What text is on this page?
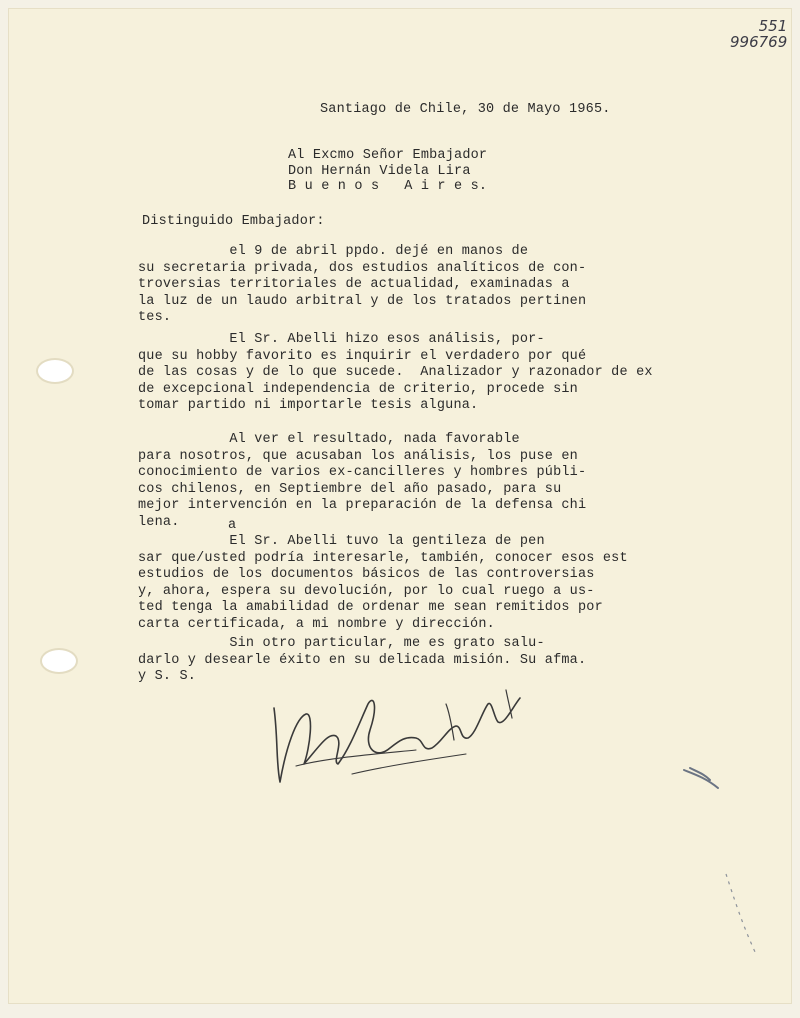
551
996769

Santiago de Chile, 30 de Mayo 1965.

Al Excmo Señor Embajador
Don Hernán Videla Lira
B u e n o s   A i r e s.

Distinguido Embajador:

el 9 de abril ppdo. dejé en manos de
su secretaria privada, dos estudios analíticos de con-
troversias territoriales de actualidad, examinadas a
la luz de un laudo arbitral y de los tratados pertinen
tes.

El Sr. Abelli hizo esos análisis, por-
que su hobby favorito es inquirir el verdadero por qué
de las cosas y de lo que sucede.  Analizador y razonador de ex
de excepcional independencia de criterio, procede sin
tomar partido ni importarle tesis alguna.

Al ver el resultado, nada favorable
para nosotros, que acusaban los análisis, los puse en
conocimiento de varios ex-cancilleres y hombres públi-
cos chilenos, en Septiembre del año pasado, para su
mejor intervención en la preparación de la defensa chi
lena.	a

El Sr. Abelli tuvo la gentileza de pen
sar que/usted podría interesarle, también, conocer esos est
estudios de los documentos básicos de las controversias
y, ahora, espera su devolución, por lo cual ruego a us-
ted tenga la amabilidad de ordenar me sean remitidos por
carta certificada, a mi nombre y dirección.

Sin otro particular, me es grato salu-
darlo y desearle éxito en su delicada misión. Su afma.
y S. S.
